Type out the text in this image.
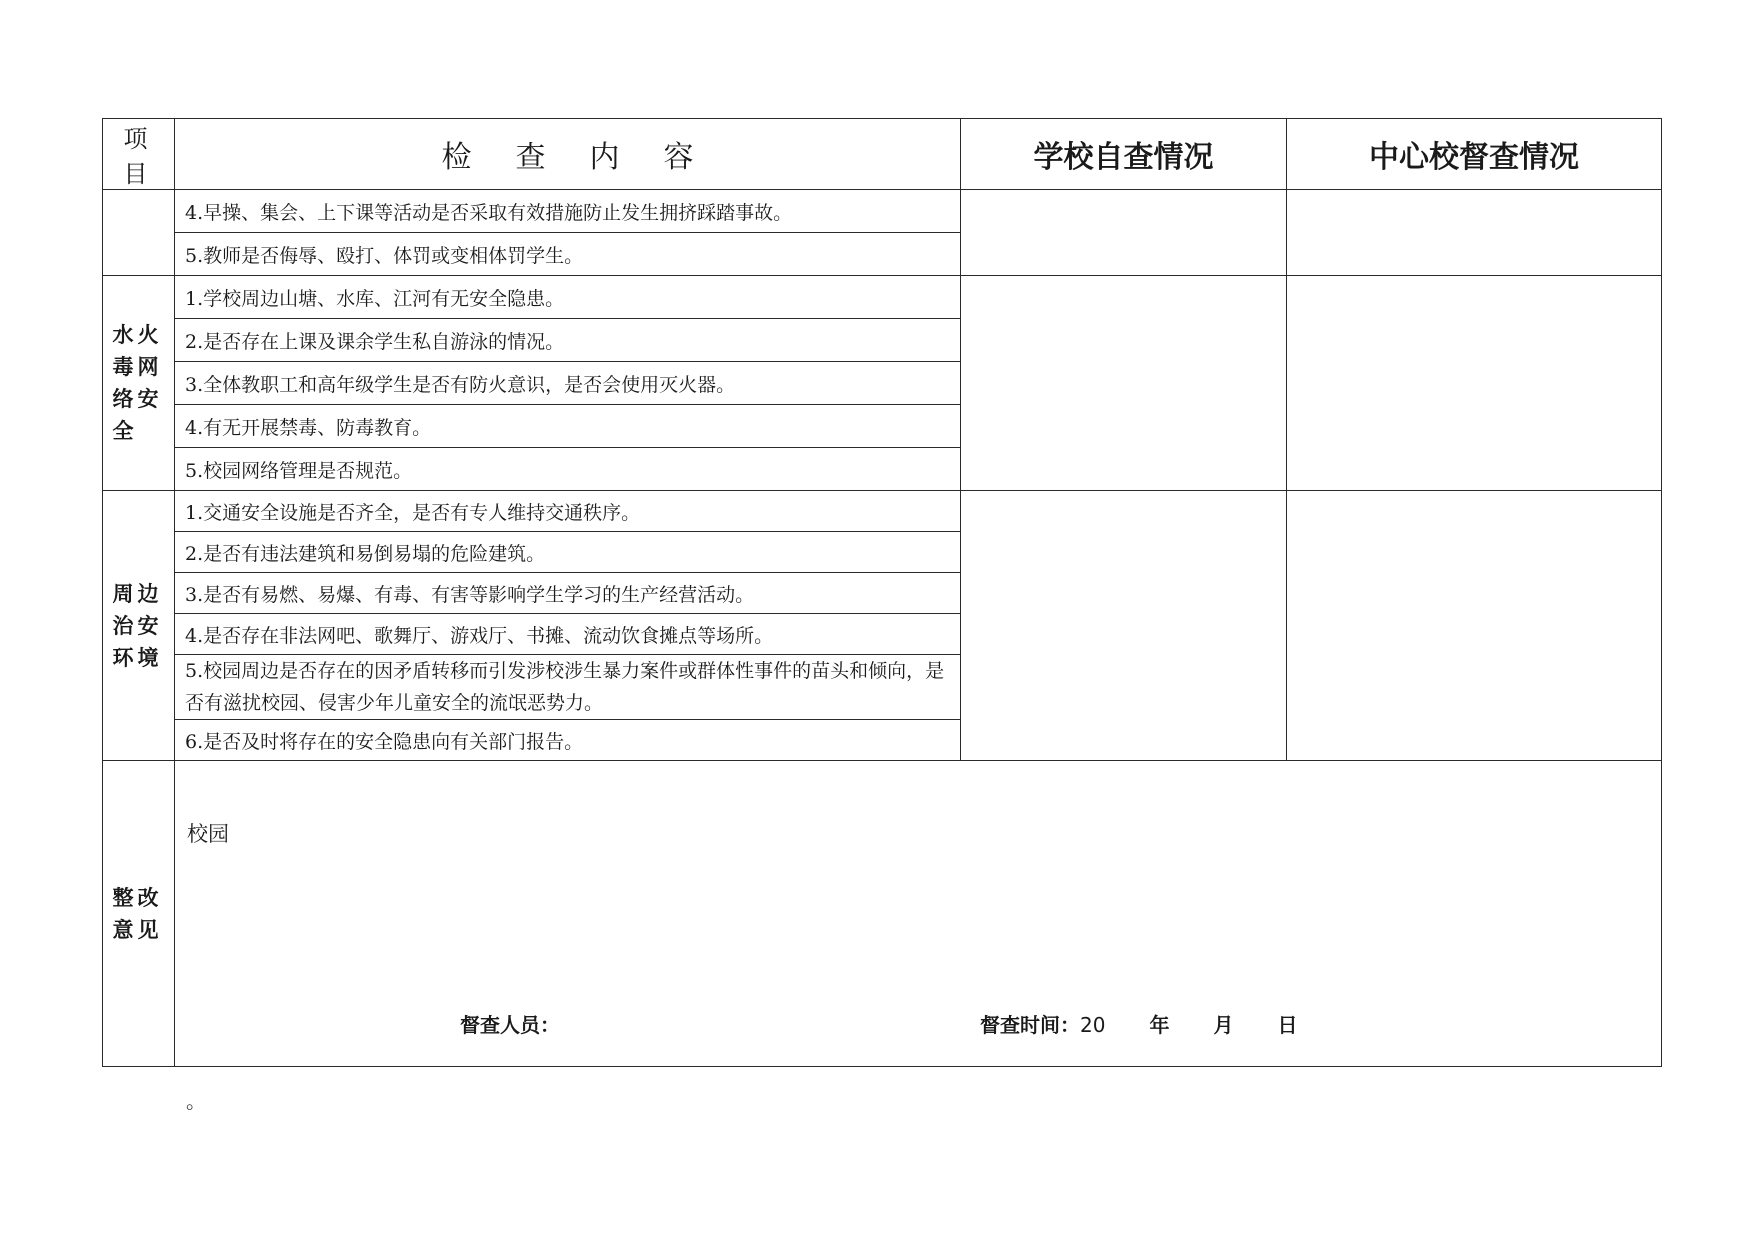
项 目	检查内容	学校自查情况	中心校督查情况
	4.早操、集会、上下课等活动是否采取有效措施防止发生拥挤踩踏事故。		
	5.教师是否侮辱、殴打、体罚或变相体罚学生。		
水火毒网络安全	1.学校周边山塘、水库、江河有无安全隐患。		
	2.是否存在上课及课余学生私自游泳的情况。		
	3.全体教职工和高年级学生是否有防火意识，是否会使用灭火器。		
	4.有无开展禁毒、防毒教育。		
	5.校园网络管理是否规范。		
周边治安环境	1.交通安全设施是否齐全，是否有专人维持交通秩序。		
	2.是否有违法建筑和易倒易塌的危险建筑。		
	3.是否有易燃、易爆、有毒、有害等影响学生学习的生产经营活动。		
	4.是否存在非法网吧、歌舞厅、游戏厅、书摊、流动饮食摊点等场所。		
	5.校园周边是否存在的因矛盾转移而引发涉校涉生暴力案件或群体性事件的苗头和倾向，是否有滋扰校园、侵害少年儿童安全的流氓恶势力。		
	6.是否及时将存在的安全隐患向有关部门报告。		
整改意见	校园
督查人员： 督查时间：20 年 月 日		
。
